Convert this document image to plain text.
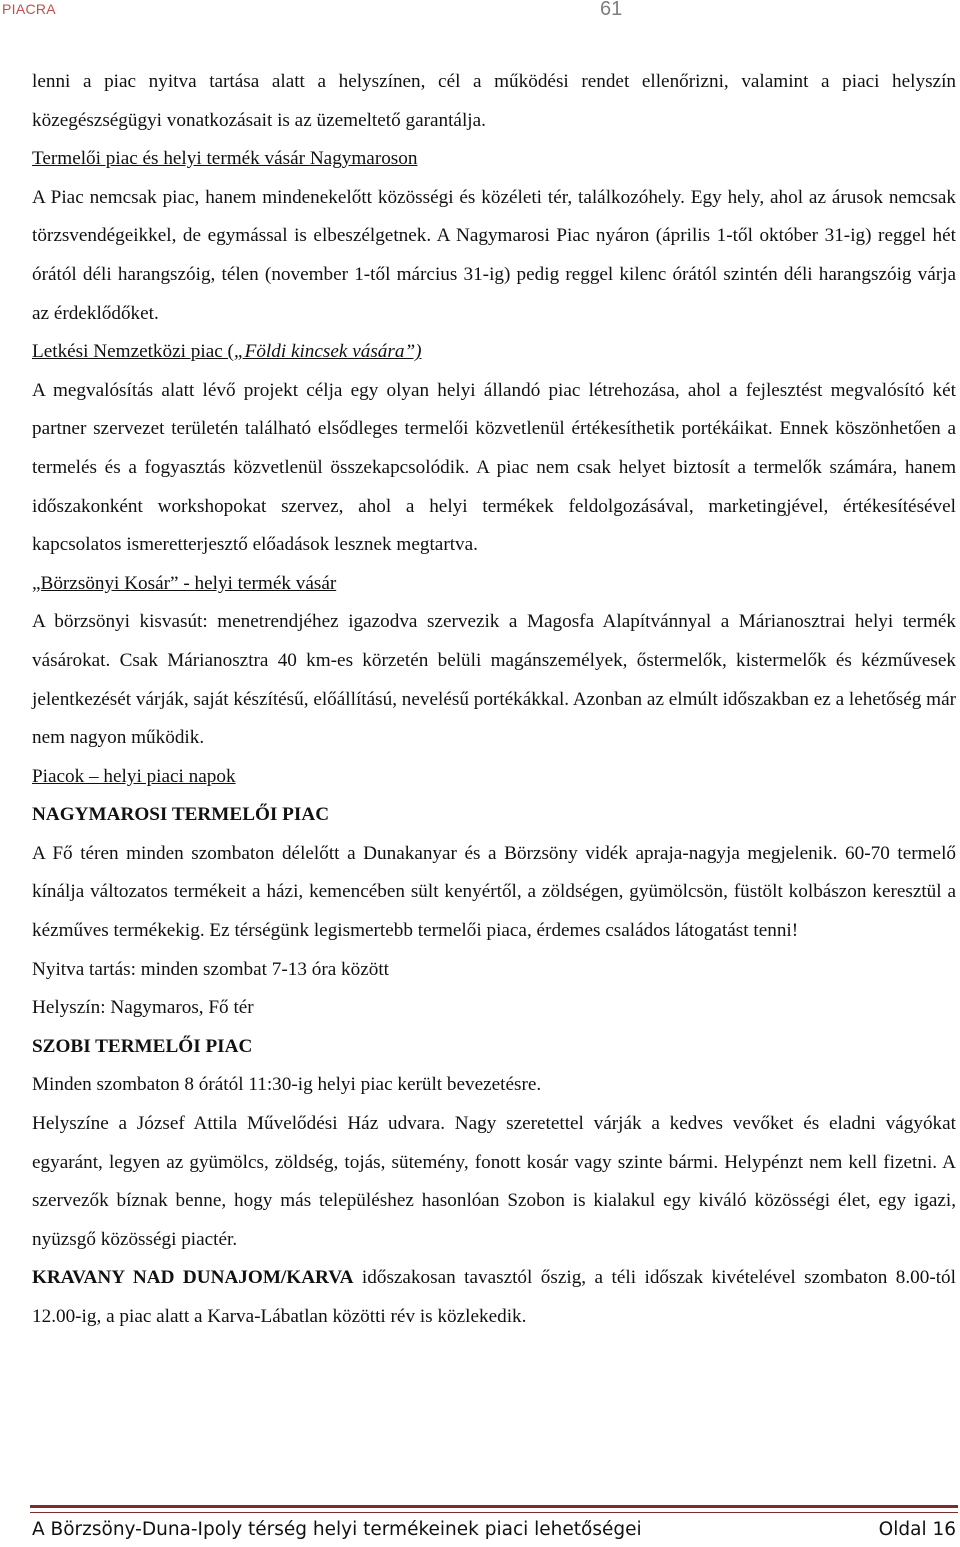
PIACRA	61

lenni a piac nyitva tartása alatt a helyszínen, cél a működési rendet ellenőrizni, valamint a piaci helyszín közegészségügyi vonatkozásait is az üzemeltető garantálja.

Termelői piac és helyi termék vásár Nagymaroson

A Piac nemcsak piac, hanem mindenekelőtt közösségi és közéleti tér, találkozóhely. Egy hely, ahol az árusok nemcsak törzsvendégeikkel, de egymással is elbeszélgetnek. A Nagymarosi Piac nyáron (április 1-től október 31-ig) reggel hét órától déli harangszóig, télen (november 1-től március 31-ig) pedig reggel kilenc órától szintén déli harangszóig várja az érdeklődőket.

Letkési Nemzetközi piac („Földi kincsek vására”)

A megvalósítás alatt lévő projekt célja egy olyan helyi állandó piac létrehozása, ahol a fejlesztést megvalósító két partner szervezet területén található elsődleges termelői közvetlenül értékesíthetik portékáikat. Ennek köszönhetően a termelés és a fogyasztás közvetlenül összekapcsolódik. A piac nem csak helyet biztosít a termelők számára, hanem időszakonként workshopokat szervez, ahol a helyi termékek feldolgozásával, marketingjével, értékesítésével kapcsolatos ismeretterjesztő előadások lesznek megtartva.

„Börzsönyi Kosár” - helyi termék vásár

A börzsönyi kisvasút: menetrendjéhez igazodva szervezik a Magosfa Alapítvánnyal a Márianosztrai helyi termék vásárokat. Csak Márianosztra 40 km-es körzetén belüli magánszemélyek, őstermelők, kistermelők és kézművesek jelentkezését várják, saját készítésű, előállítású, nevelésű portékákkal. Azonban az elmúlt időszakban ez a lehetőség már nem nagyon működik.

Piacok – helyi piaci napok

NAGYMAROSI TERMELŐI PIAC

A Fő téren minden szombaton délelőtt a Dunakanyar és a Börzsöny vidék apraja-nagyja megjelenik. 60-70 termelő kínálja változatos termékeit a házi, kemencében sült kenyértől, a zöldségen, gyümölcsön, füstölt kolbászon keresztül a kézműves termékekig. Ez térségünk legismertebb termelői piaca, érdemes családos látogatást tenni!

Nyitva tartás: minden szombat 7-13 óra között

Helyszín: Nagymaros, Fő tér

SZOBI TERMELŐI PIAC

Minden szombaton 8 órától 11:30-ig helyi piac került bevezetésre.

Helyszíne a József Attila Művelődési Ház udvara. Nagy szeretettel várják a kedves vevőket és eladni vágyókat egyaránt, legyen az gyümölcs, zöldség, tojás, sütemény, fonott kosár vagy szinte bármi. Helypénzt nem kell fizetni. A szervezők bíznak benne, hogy más településhez hasonlóan Szobon is kialakul egy kiváló közösségi élet, egy igazi, nyüzsgő közösségi piactér.

KRAVANY NAD DUNAJOM/KARVA időszakosan tavasztól őszig, a téli időszak kivételével szombaton 8.00-tól 12.00-ig, a piac alatt a Karva-Lábatlan közötti rév is közlekedik.

A Börzsöny-Duna-Ipoly térség helyi termékeinek piaci lehetőségei	Oldal 16
